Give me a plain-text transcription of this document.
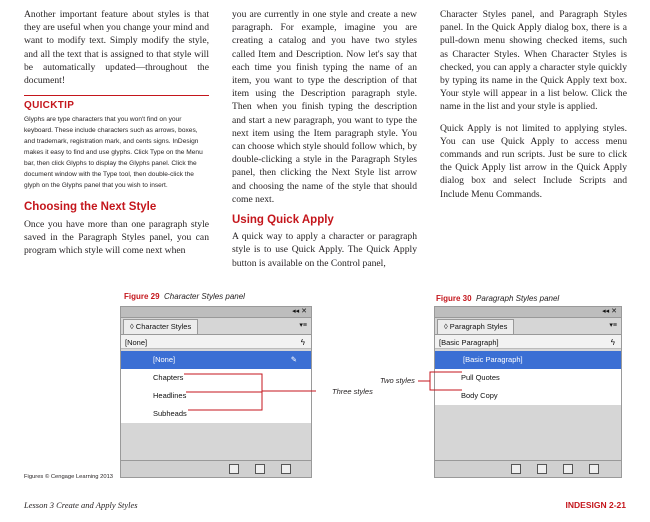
Another important feature about styles is that they are useful when you change your mind and want to modify text. Simply modify the style, and all the text that is assigned to that style will be automatically updated—throughout the document!

QUICKTIP
Glyphs are type characters that you won't find on your keyboard. These include characters such as arrows, boxes, and trademark, registration mark, and cents signs. InDesign makes it easy to find and use glyphs. Click Type on the Menu bar, then click Glyphs to display the Glyphs panel. Click the document window with the Type tool, then double-click the glyph on the Glyphs panel that you wish to insert.
Choosing the Next Style

Once you have more than one paragraph style saved in the Paragraph Styles panel, you can program which style will come next when

you are currently in one style and create a new paragraph. For example, imagine you are creating a catalog and you have two styles called Item and Description. Now let's say that each time you finish typing the name of an item, you want to type the description of that item using the Description paragraph style. Then when you finish typing the description and start a new paragraph, you want to type the next item using the Item paragraph style. You can choose which style should follow which, by double-clicking a style in the Paragraph Styles panel, then clicking the Next Style list arrow and choosing the name of the style that should come next.

Using Quick Apply

A quick way to apply a character or paragraph style is to use Quick Apply. The Quick Apply button is available on the Control panel,

Character Styles panel, and Paragraph Styles panel. In the Quick Apply dialog box, there is a pull-down menu showing checked items, such as Character Styles. When Character Styles is checked, you can apply a character style quickly by typing its name in the Quick Apply text box. Your style will appear in a list below. Click the name in the list and your style is applied.

Quick Apply is not limited to applying styles. You can use Quick Apply to access menu commands and run scripts. Just be sure to click the Quick Apply list arrow in the Quick Apply dialog box and select Include Scripts and Include Menu Commands.

Figure 29 Character Styles panel
◂◂ ✕
◊ Character Styles	▾≡
[None]	ϟ
[None]	✎
Chapters
Headlines
Subheads
Figure 30 Paragraph Styles panel
◂◂ ✕
◊ Paragraph Styles	▾≡
[Basic Paragraph]	ϟ
[Basic Paragraph]
Pull Quotes
Body Copy
Three styles
Two styles
Figures © Cengage Learning 2013
Lesson 3 Create and Apply Styles	INDESIGN 2-21
